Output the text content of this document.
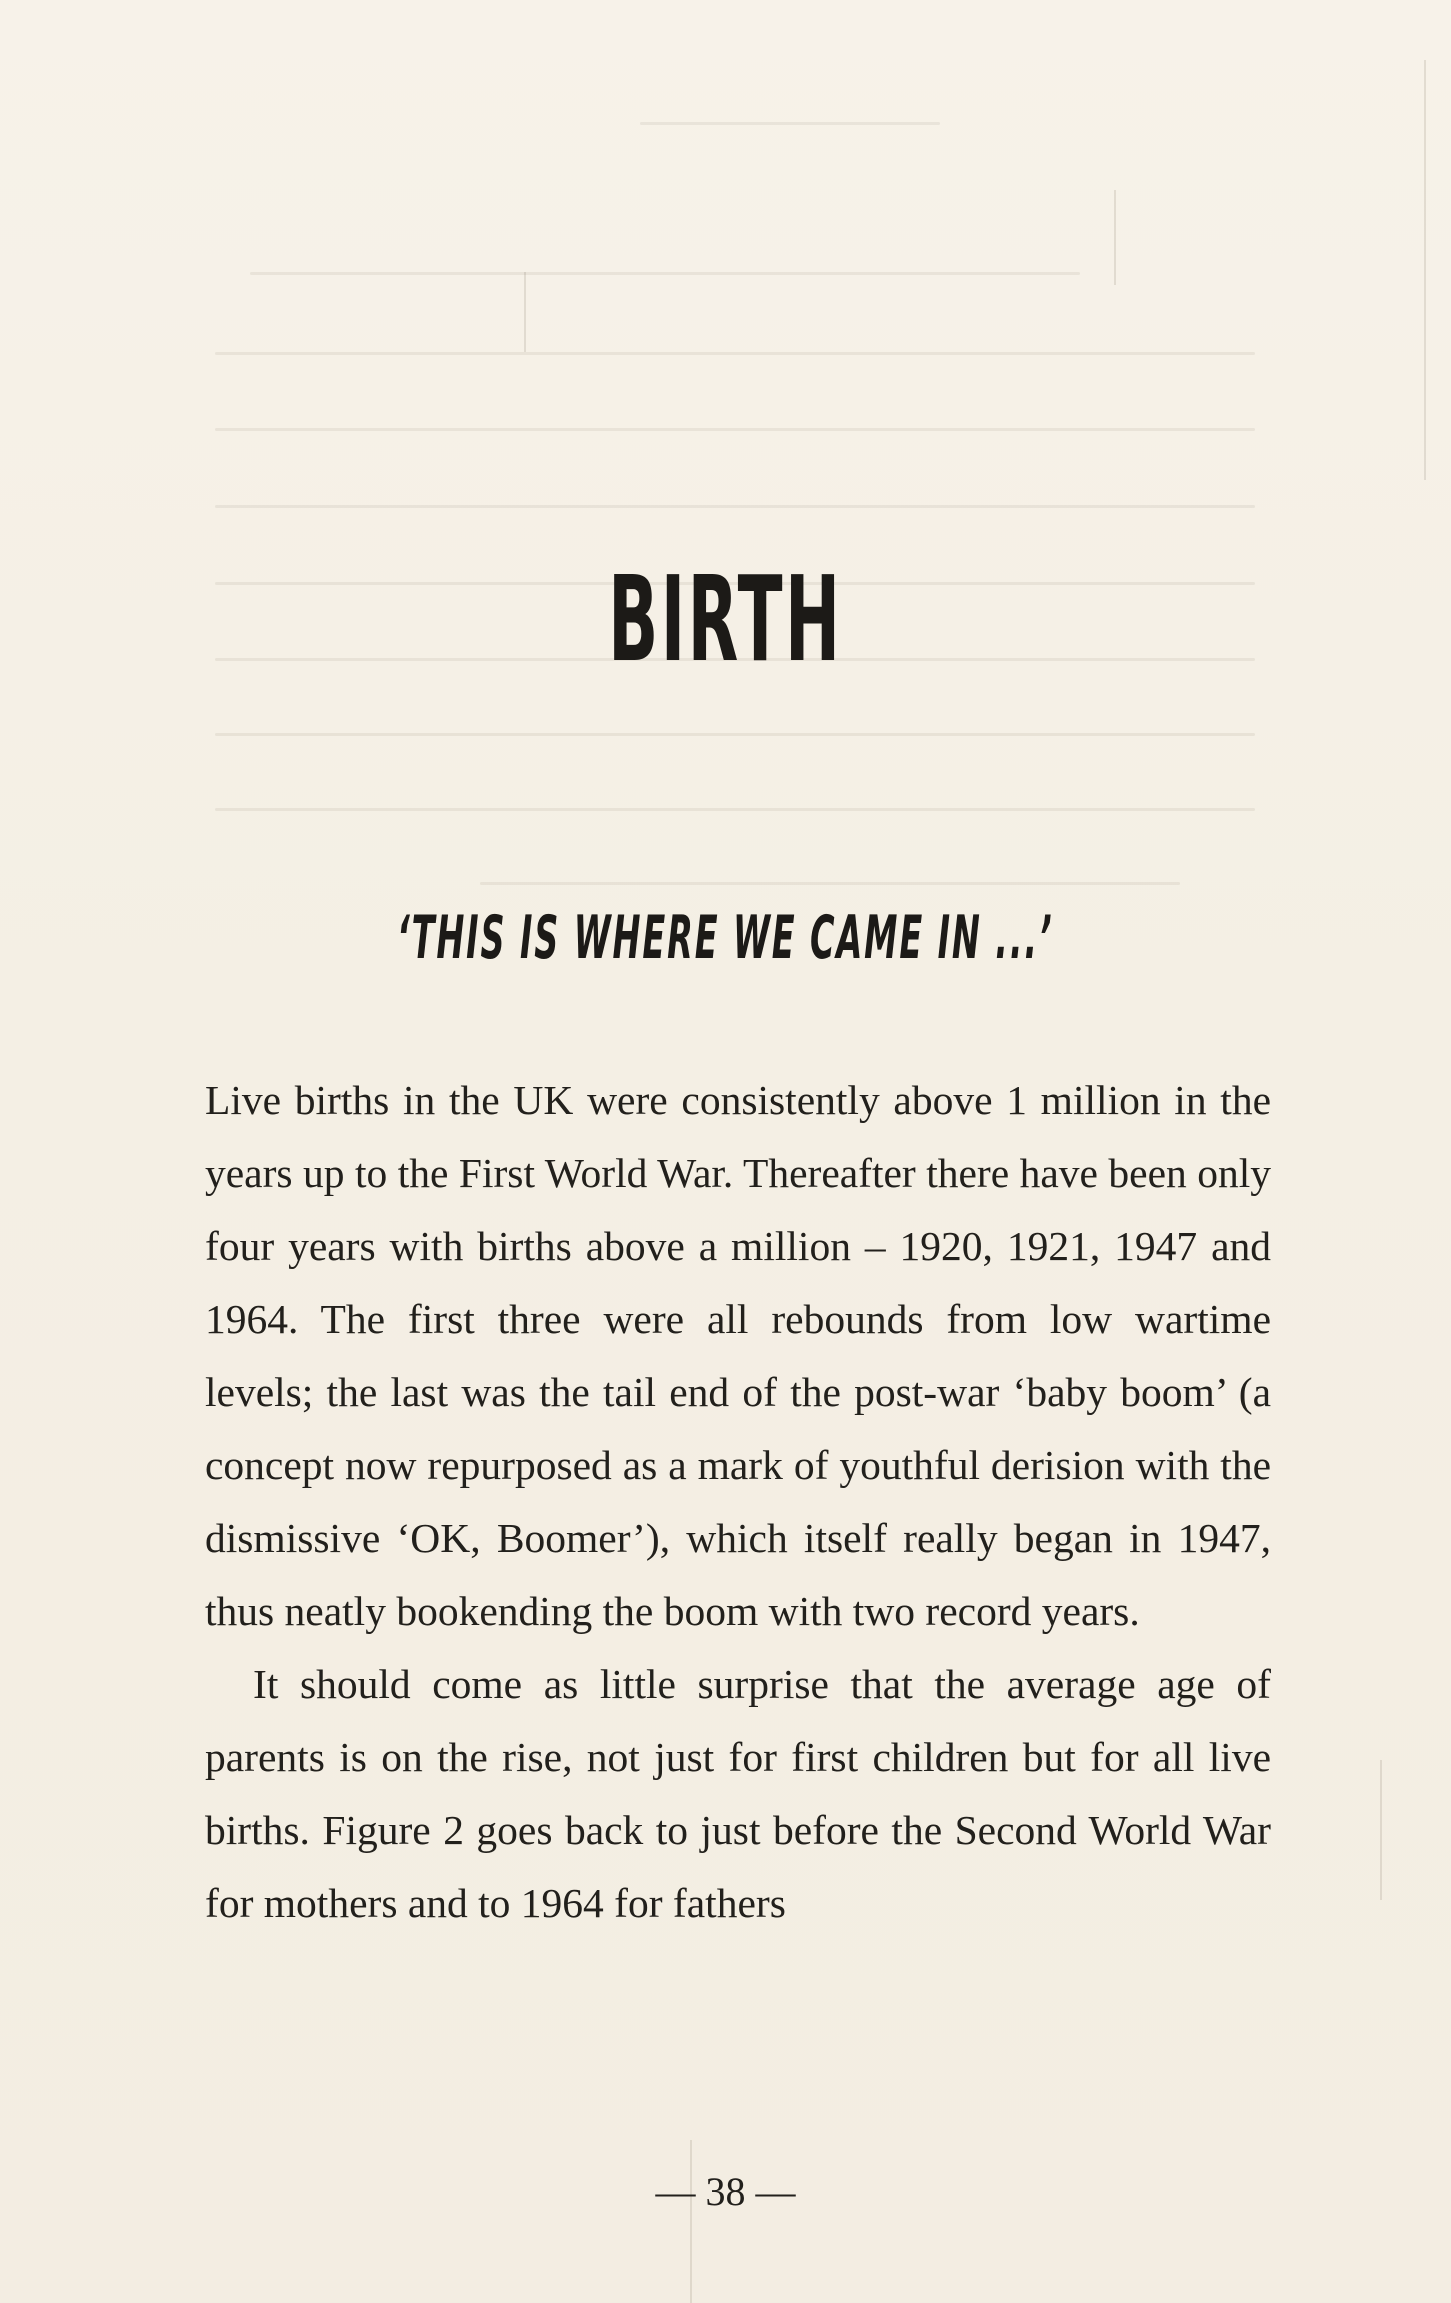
BIRTH
‘THIS IS WHERE WE CAME IN ...’

Live births in the UK were consistently above 1 million in the years up to the First World War. Thereafter there have been only four years with births above a million – 1920, 1921, 1947 and 1964. The first three were all rebounds from low wartime levels; the last was the tail end of the post-war ‘baby boom’ (a concept now repurposed as a mark of youthful derision with the dismissive ‘OK, Boomer’), which itself really began in 1947, thus neatly bookending the boom with two record years.

It should come as little surprise that the average age of parents is on the rise, not just for first children but for all live births. Figure 2 goes back to just before the Second World War for mothers and to 1964 for fathers

— 38 —
